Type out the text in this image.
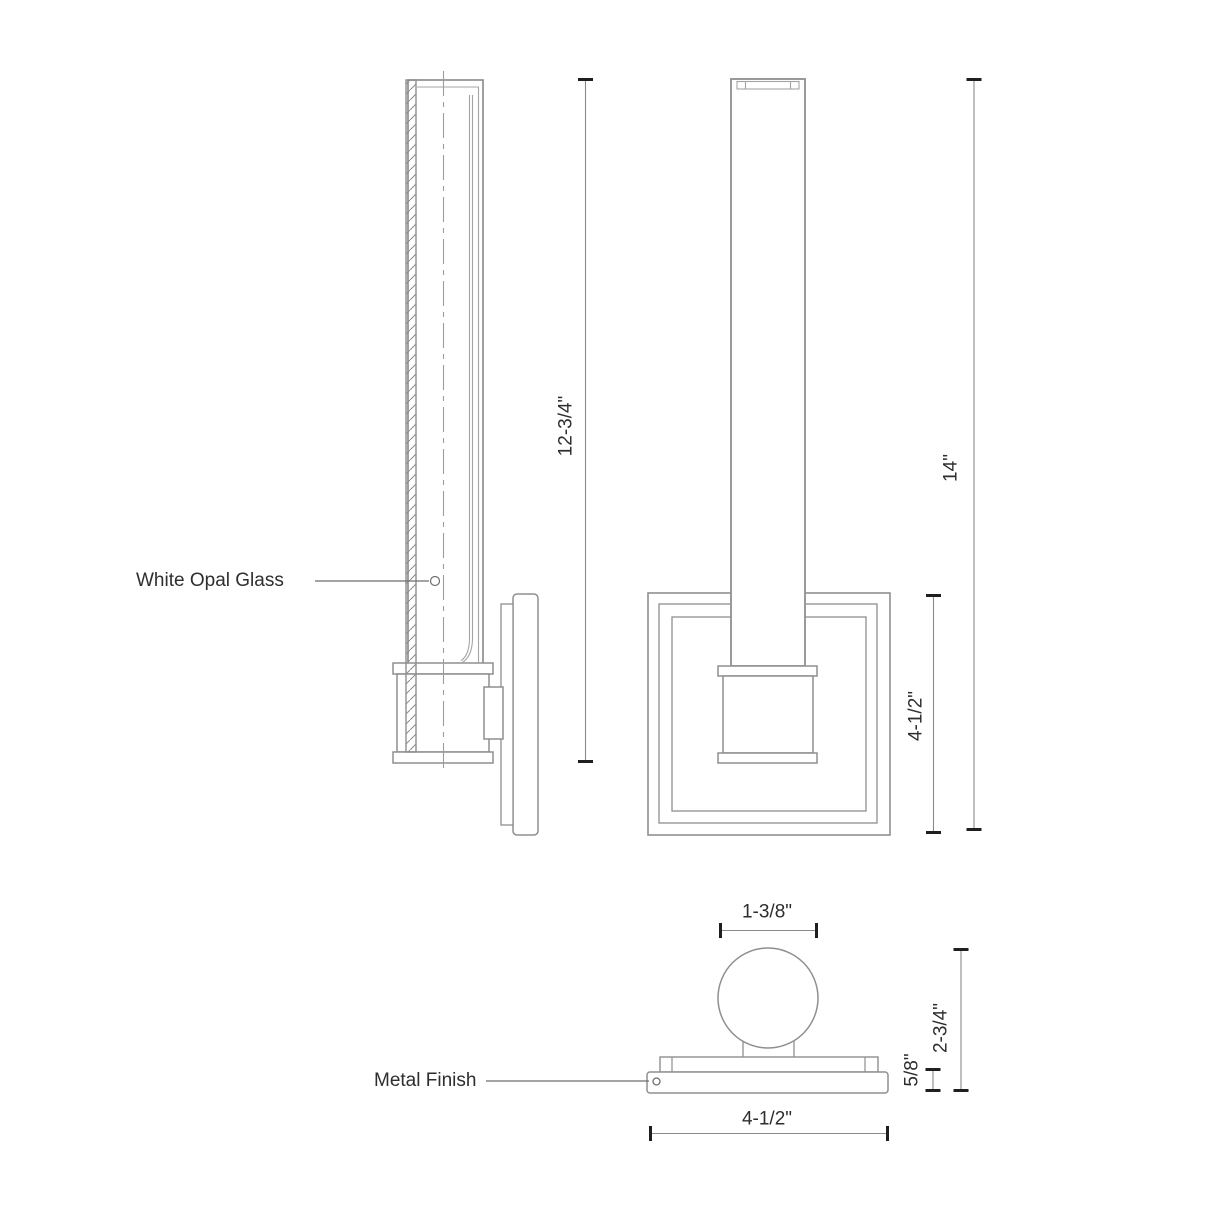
White Opal Glass
Metal Finish
12-3/4"
14"
4-1/2"
1-3/8"
2-3/4"
5/8"
4-1/2"
